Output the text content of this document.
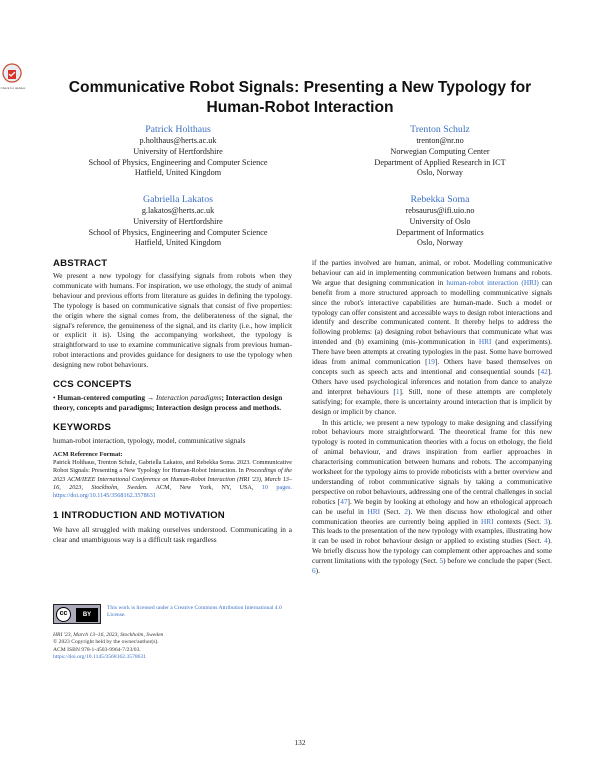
Check for updates	Communicative Robot Signals: Presenting a New Typology for
Human-Robot Interaction
Patrick Holthaus
p.holthaus@herts.ac.uk
University of Hertfordshire
School of Physics, Engineering and Computer Science
Hatfield, United Kingdom
Trenton Schulz
trenton@nr.no
Norwegian Computing Center
Department of Applied Research in ICT
Oslo, Norway
Gabriella Lakatos
g.lakatos@herts.ac.uk
University of Hertfordshire
School of Physics, Engineering and Computer Science
Hatfield, United Kingdom
Rebekka Soma
rebsaurus@ifi.uio.no
University of Oslo
Department of Informatics
Oslo, Norway
ABSTRACT

We present a new typology for classifying signals from robots when they communicate with humans. For inspiration, we use ethology, the study of animal behaviour and previous efforts from literature as guides in defining the typology. The typology is based on communicative signals that consist of five properties: the origin where the signal comes from, the deliberateness of the signal, the signal's reference, the genuineness of the signal, and its clarity (i.e., how implicit or explicit it is). Using the accompanying worksheet, the typology is straightforward to use to examine communicative signals from previous human-robot interactions and provides guidance for designers to use the typology when designing new robot behaviours.

CCS CONCEPTS

• Human-centered computing → Interaction paradigms; Interaction design theory, concepts and paradigms; Interaction design process and methods.

KEYWORDS

human-robot interaction, typology, model, communicative signals

ACM Reference Format:
Patrick Holthaus, Trenton Schulz, Gabriella Lakatos, and Rebekka Soma. 2023. Communicative Robot Signals: Presenting a New Typology for Human-Robot Interaction. In Proceedings of the 2023 ACM/IEEE International Conference on Human-Robot Interaction (HRI '23), March 13–16, 2023, Stockholm, Sweden. ACM, New York, NY, USA, 10 pages. https://doi.org/10.1145/3568162.3578631
1 INTRODUCTION AND MOTIVATION

We have all struggled with making ourselves understood. Communicating in a clear and unambiguous way is a difficult task regardless

cc	BY
This work is licensed under a Creative Commons Attribution International 4.0 License.
HRI '23, March 13–16, 2023, Stockholm, Sweden
© 2023 Copyright held by the owner/author(s).
ACM ISBN 978-1-4503-9964-7/23/03.
https://doi.org/10.1145/3568162.3578631

if the parties involved are human, animal, or robot. Modelling communicative behaviour can aid in implementing communication between humans and robots. We argue that designing communication in human-robot interaction (HRI) can benefit from a more structured approach to modelling communicative signals since the robot's interactive capabilities are human-made. Such a model or typology can offer consistent and accessible ways to design robot interactions and identify and describe communicated content. It thereby helps to address the following problems: (a) designing robot behaviours that communicate what was intended and (b) examining (mis-)communication in HRI (and experiments). There have been attempts at creating typologies in the past. Some have borrowed ideas from animal communication [19]. Others have based themselves on concepts such as speech acts and intentional and consequential sounds [42]. Others have used psychological inferences and notation from dance to analyze and interpret behaviours [1]. Still, none of these attempts are completely satisfying; for example, there is uncertainty around interaction that is implicit by design or implicit by chance.

In this article, we present a new typology to make designing and classifying robot behaviours more straightforward. The theoretical frame for this new typology is rooted in communication theories with a focus on ethology, the field of animal behaviour, and draws inspiration from earlier approaches in characterising communication between humans and robots. The accompanying worksheet for the typology aims to provide roboticists with a better overview and understanding of robot communicative signals by taking a communicative perspective on robot behaviours, addressing one of the central challenges in social robotics [47]. We begin by looking at ethology and how an ethological approach can be useful in HRI (Sect. 2). We then discuss how ethological and other communication theories are currently being applied in HRI contexts (Sect. 3). This leads to the presentation of the new typology with examples, illustrating how it can be used in robot behaviour design or applied to existing studies (Sect. 4). We briefly discuss how the typology can complement other approaches and some current limitations with the typology (Sect. 5) before we conclude the paper (Sect. 6).

132
